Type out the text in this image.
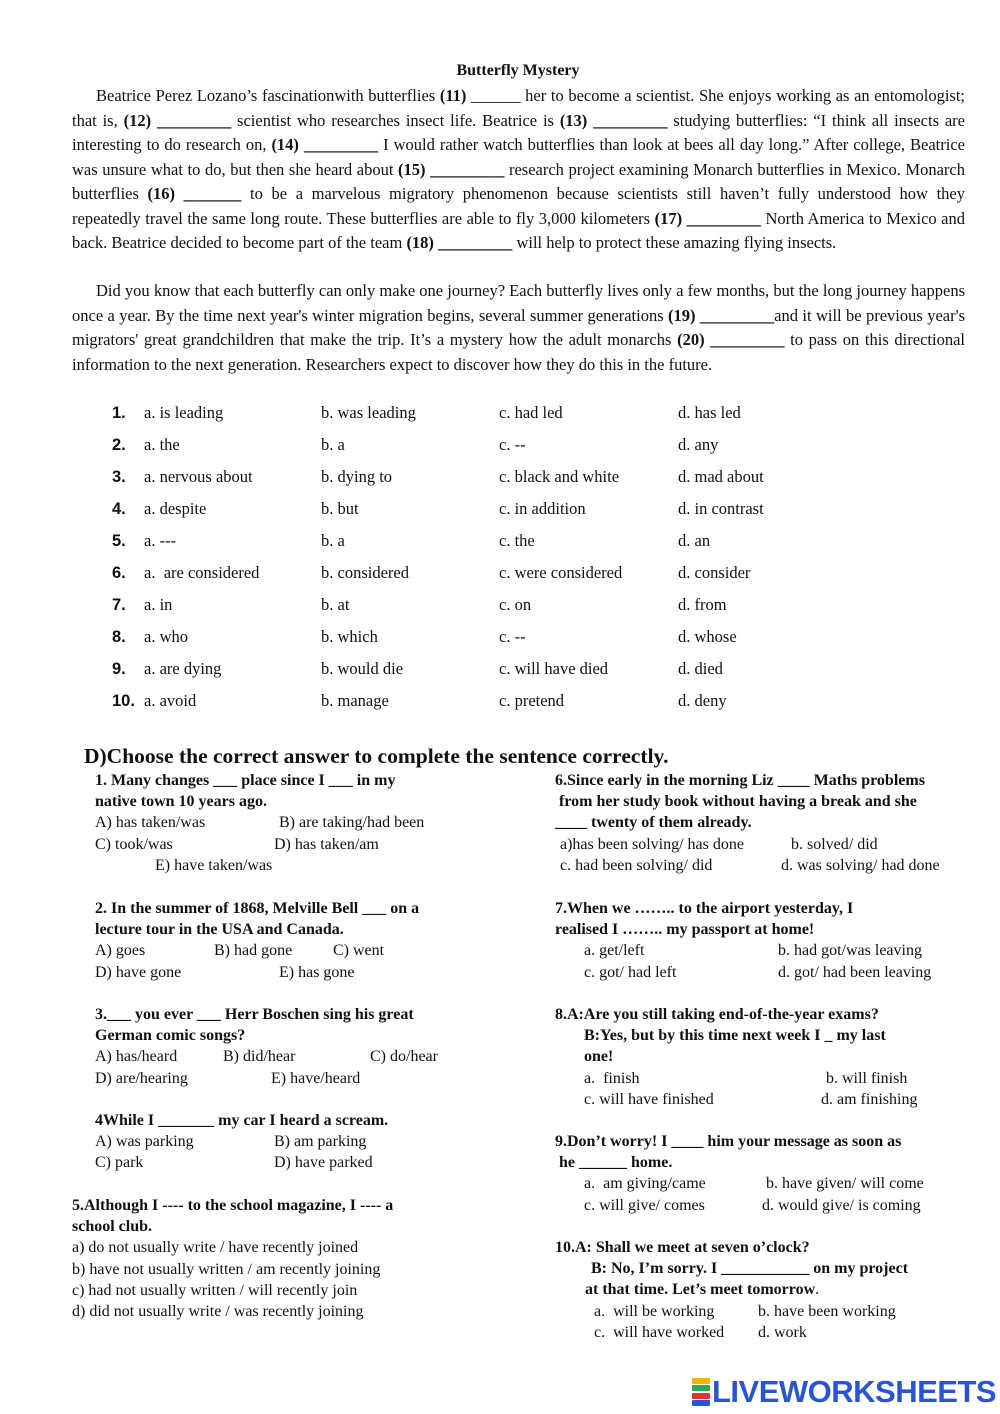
Butterfly Mystery

Beatrice Perez Lozano’s fascinationwith butterflies (11) ______ her to become a scientist. She enjoys working as an entomologist; that is, (12) _________ scientist who researches insect life. Beatrice is (13) _________ studying butterflies: “I think all insects are interesting to do research on, (14) _________ I would rather watch butterflies than look at bees all day long.” After college, Beatrice was unsure what to do, but then she heard about (15) _________ research project examining Monarch butterflies in Mexico. Monarch butterflies (16) _______ to be a marvelous migratory phenomenon because scientists still haven’t fully understood how they repeatedly travel the same long route. These butterflies are able to fly 3,000 kilometers (17) _________ North America to Mexico and back. Beatrice decided to become part of the team (18) _________ will help to protect these amazing flying insects.

Did you know that each butterfly can only make one journey? Each butterfly lives only a few months, but the long journey happens once a year. By the time next year's winter migration begins, several summer generations (19) _________and it will be previous year's migrators' great grandchildren that make the trip. It’s a mystery how the adult monarchs (20) _________ to pass on this directional information to the next generation. Researchers expect to discover how they do this in the future.

1.	a. is leading	b. was leading	c. had led	d. has led
2.	a. the	b. a	c. --	d. any
3.	a. nervous about	b. dying to	c. black and white	d. mad about
4.	a. despite	b. but	c. in addition	d. in contrast
5.	a. ---	b. a	c. the	d. an
6.	a.  are considered	b. considered	c. were considered	d. consider
7.	a. in	b. at	c. on	d. from
8.	a. who	b. which	c. --	d. whose
9.	a. are dying	b. would die	c. will have died	d. died
10. a. avoid	b. manage	c. pretend	d. deny
D)Choose the correct answer to complete the sentence correctly.
1. Many changes ___ place since I ___ in my
native town 10 years ago.
A) has taken/was	B) are taking/had been
C) took/was	D) has taken/am
E) have taken/was
2. In the summer of 1868, Melville Bell ___ on a
lecture tour in the USA and Canada.
A) goes	B) had gone	C) went
D) have gone	E) has gone
3.___ you ever ___ Herr Boschen sing his great
German comic songs?
A) has/heard	B) did/hear	C) do/hear
D) are/hearing	E) have/heard
4While I _______ my car I heard a scream.
A) was parking	B) am parking
C) park	D) have parked
5.Although I ---- to the school magazine, I ---- a
school club.
a) do not usually write / have recently joined
b) have not usually written / am recently joining
c) had not usually written / will recently join
d) did not usually write / was recently joining
6.Since early in the morning Liz ____ Maths problems
from her study book without having a break and she
____ twenty of them already.
a)has been solving/ has done	b. solved/ did
c. had been solving/ did	d. was solving/ had done
7.When we …….. to the airport yesterday, I
realised I …….. my passport at home!
a. get/left	b. had got/was leaving
c. got/ had left	d. got/ had been leaving
8.A:Are you still taking end-of-the-year exams?
B:Yes, but by this time next week I _ my last
one!
a.  finish	b. will finish
c. will have finished	d. am finishing
9.Don’t worry! I ____ him your message as soon as
he ______ home.
a.  am giving/came	b. have given/ will come
c. will give/ comes	d. would give/ is coming
10.A: Shall we meet at seven o’clock?
B: No, I’m sorry. I ___________ on my project
at that time. Let’s meet tomorrow.
a.  will be working	b. have been working
c.  will have worked d. work
LIVEWORKSHEETS
